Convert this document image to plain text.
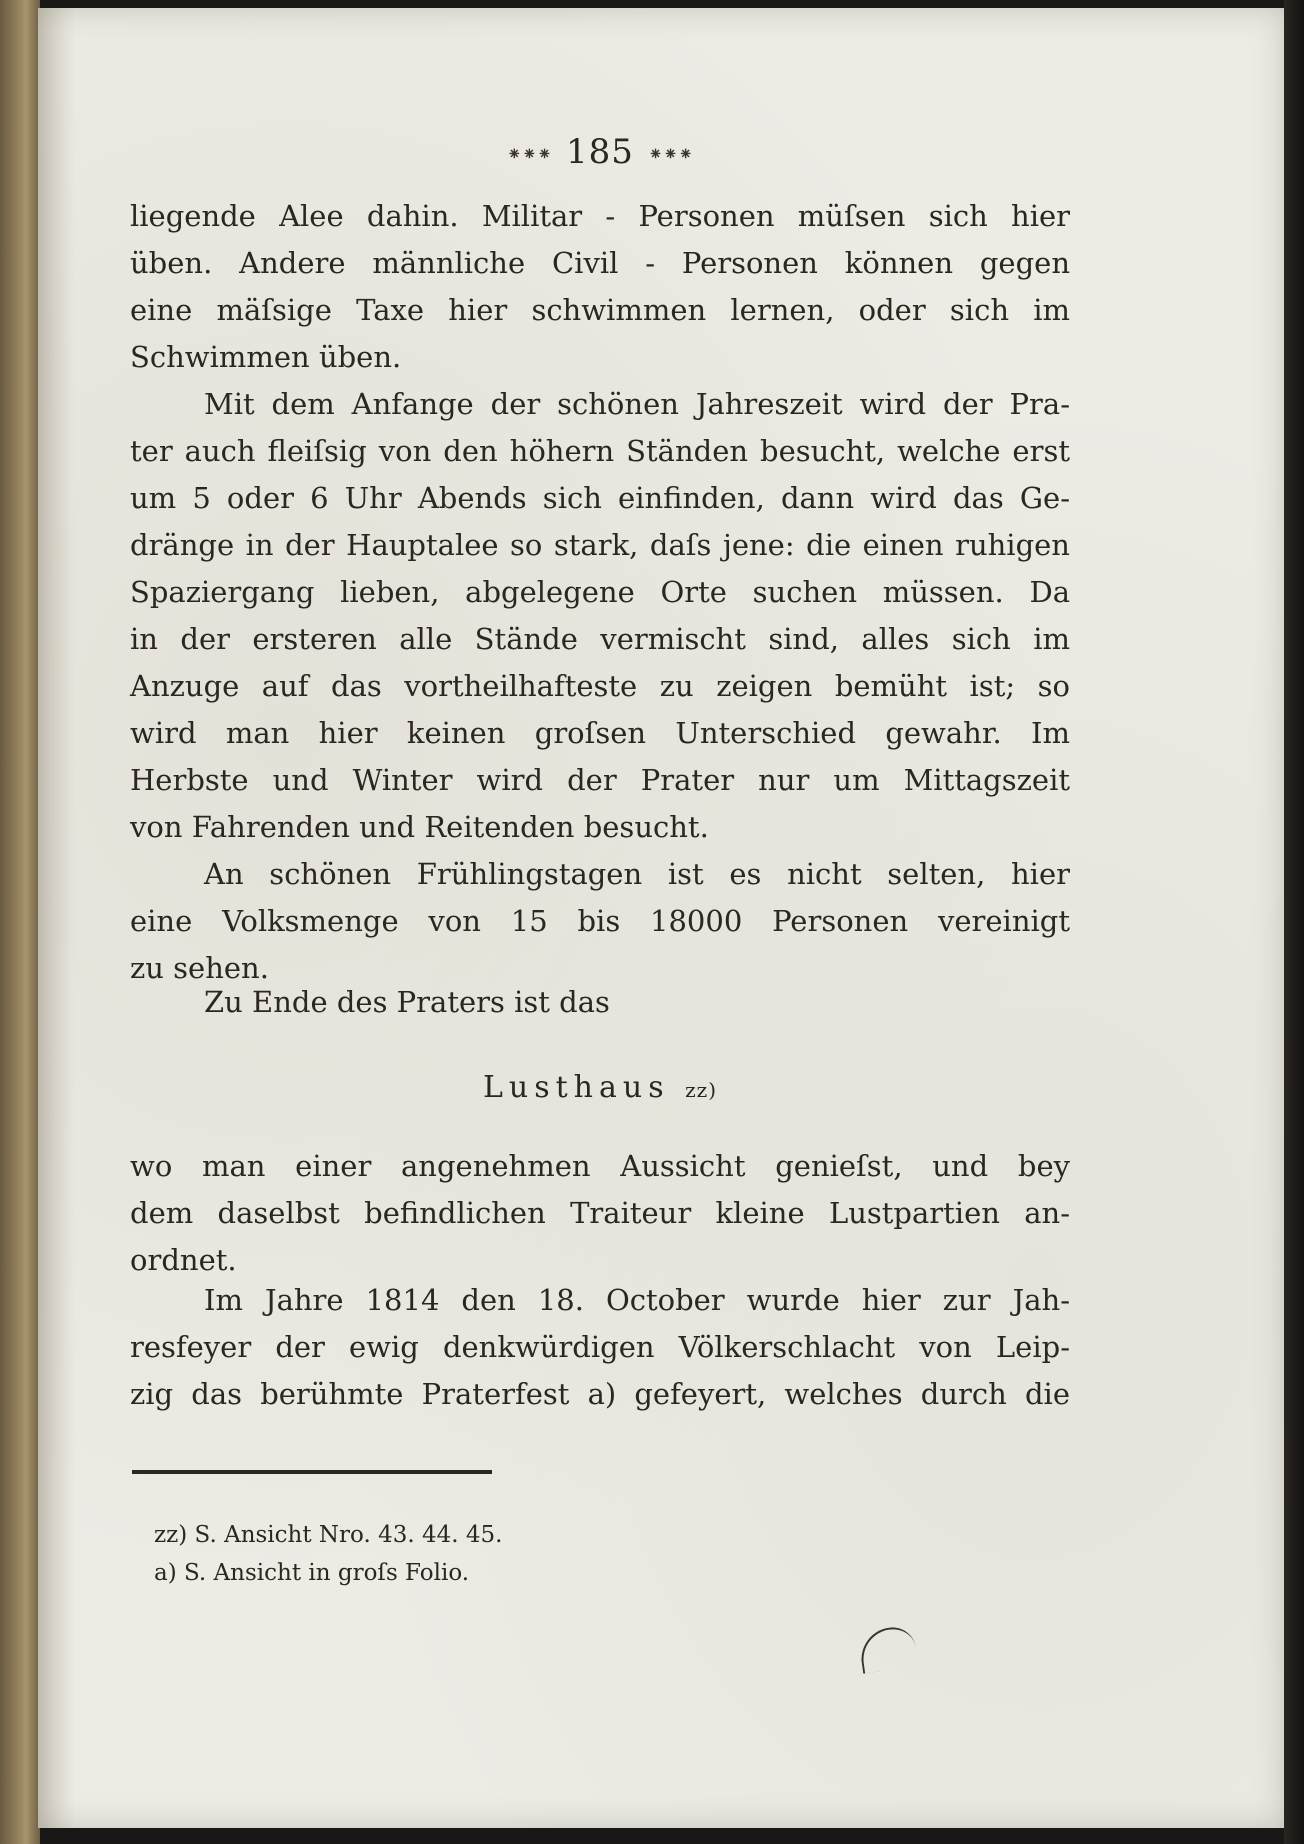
⁕⁕⁕ 185 ⁕⁕⁕
liegende Alee dahin. Militar - Personen müſsen sich hier
üben. Andere männliche Civil - Personen können gegen
eine mäſsige Taxe hier schwimmen lernen, oder sich im
Schwimmen üben.
Mit dem Anfange der schönen Jahreszeit wird der Pra-
ter auch fleiſsig von den höhern Ständen besucht, welche erst
um 5 oder 6 Uhr Abends sich einfinden, dann wird das Ge-
dränge in der Hauptalee so stark, daſs jene: die einen ruhigen
Spaziergang lieben, abgelegene Orte suchen müssen. Da
in der ersteren alle Stände vermischt sind, alles sich im
Anzuge auf das vortheilhafteste zu zeigen bemüht ist; so
wird man hier keinen groſsen Unterschied gewahr. Im
Herbste und Winter wird der Prater nur um Mittagszeit
von Fahrenden und Reitenden besucht.
An schönen Frühlingstagen ist es nicht selten, hier
eine Volksmenge von 15 bis 18000 Personen vereinigt
zu sehen.
Zu Ende des Praters ist das
Lusthaus zz)
wo man einer angenehmen Aussicht genieſst, und bey
dem daselbst befindlichen Traiteur kleine Lustpartien an-
ordnet.
Im Jahre 1814 den 18. October wurde hier zur Jah-
resfeyer der ewig denkwürdigen Völkerschlacht von Leip-
zig das berühmte Praterfest a) gefeyert, welches durch die
zz) S. Ansicht Nro. 43. 44. 45.
a) S. Ansicht in groſs Folio.
